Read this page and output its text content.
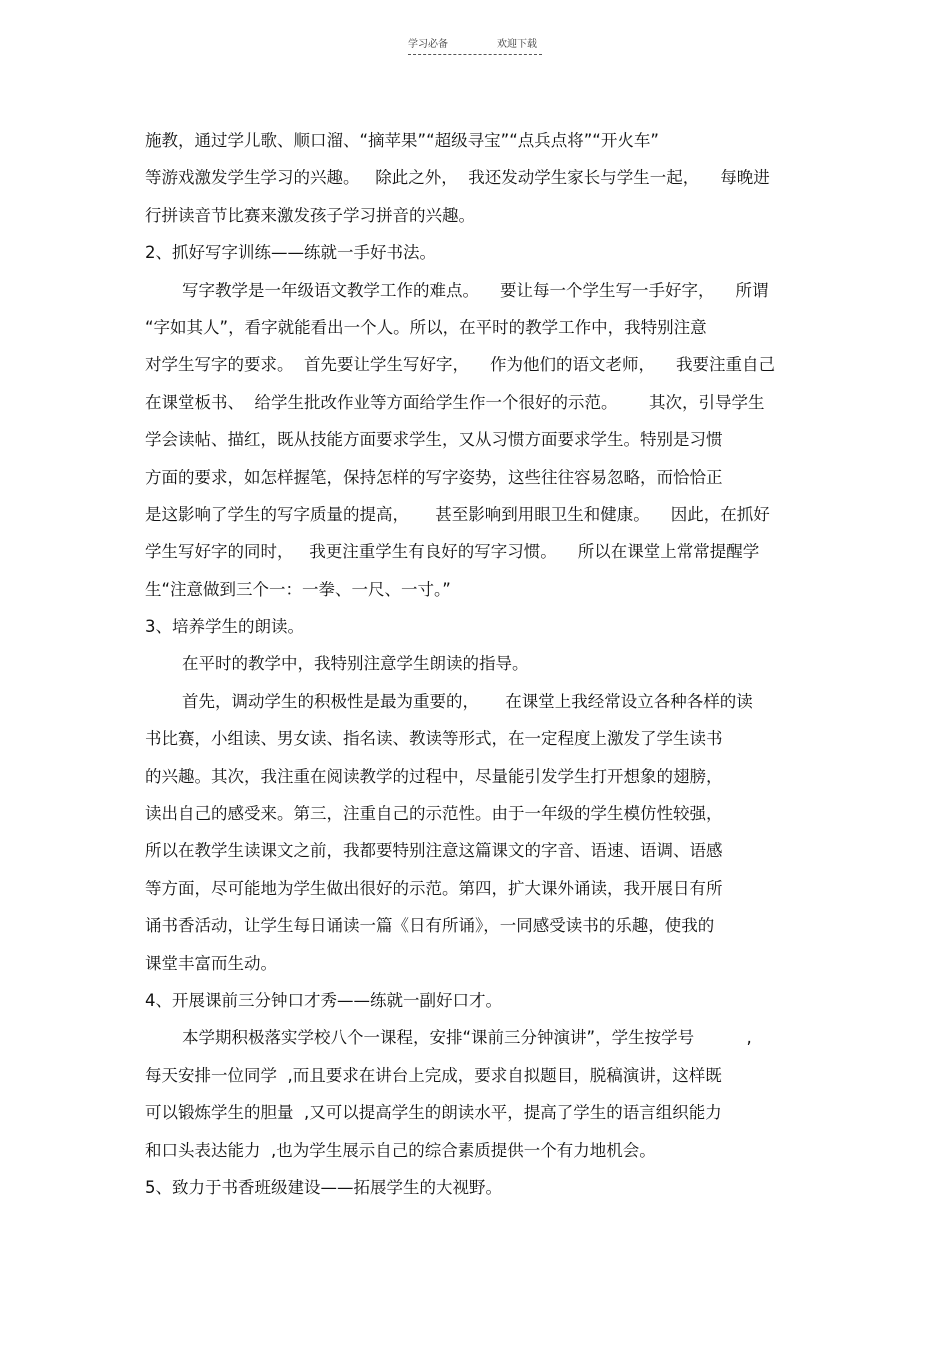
学习必备	欢迎下载
施教，通过学儿歌、顺口溜、“摘苹果”“超级寻宝”“点兵点将”“开火车”
等游戏激发学生学习的兴趣。   除此之外，  我还发动学生家长与学生一起，    每晚进
行拼读音节比赛来激发孩子学习拼音的兴趣。
2、抓好写字训练——练就一手好书法。
写字教学是一年级语文教学工作的难点。    要让每一个学生写一手好字，    所谓
“字如其人”，看字就能看出一个人。所以，在平时的教学工作中，我特别注意
对学生写字的要求。  首先要让学生写好字，    作为他们的语文老师，    我要注重自己
在课堂板书、  给学生批改作业等方面给学生作一个很好的示范。      其次，引导学生
学会读帖、描红，既从技能方面要求学生，又从习惯方面要求学生。特别是习惯
方面的要求，如怎样握笔，保持怎样的写字姿势，这些往往容易忽略，而恰恰正
是这影响了学生的写字质量的提高，     甚至影响到用眼卫生和健康。    因此，在抓好
学生写好字的同时，   我更注重学生有良好的写字习惯。    所以在课堂上常常提醒学
生“注意做到三个一：一拳、一尺、一寸。”
3、培养学生的朗读。
在平时的教学中，我特别注意学生朗读的指导。
首先，调动学生的积极性是最为重要的，     在课堂上我经常设立各种各样的读
书比赛，小组读、男女读、指名读、教读等形式，在一定程度上激发了学生读书
的兴趣。其次，我注重在阅读教学的过程中，尽量能引发学生打开想象的翅膀，
读出自己的感受来。第三，注重自己的示范性。由于一年级的学生模仿性较强，
所以在教学生读课文之前，我都要特别注意这篇课文的字音、语速、语调、语感
等方面，尽可能地为学生做出很好的示范。第四，扩大课外诵读，我开展日有所
诵书香活动，让学生每日诵读一篇《日有所诵》，一同感受读书的乐趣，使我的
课堂丰富而生动。
4、开展课前三分钟口才秀——练就一副好口才。
本学期积极落实学校八个一课程，安排“课前三分钟演讲”，学生按学号          ,
每天安排一位同学  ,而且要求在讲台上完成，要求自拟题目，脱稿演讲，这样既
可以锻炼学生的胆量  ,又可以提高学生的朗读水平，提高了学生的语言组织能力
和口头表达能力  ,也为学生展示自己的综合素质提供一个有力地机会。
5、致力于书香班级建设——拓展学生的大视野。
